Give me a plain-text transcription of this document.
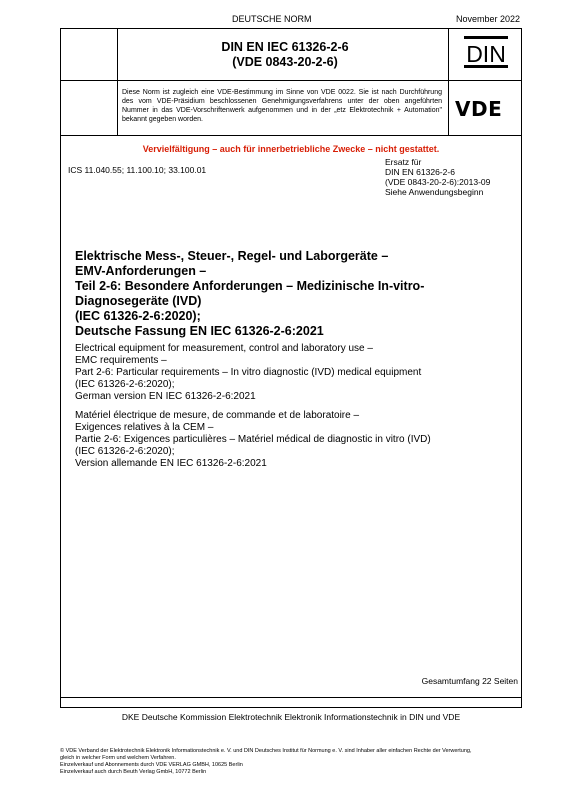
DEUTSCHE NORM	November 2022
DIN EN IEC 61326-2-6
(VDE 0843-20-2-6)	DIN
Diese Norm ist zugleich eine VDE-Bestimmung im Sinne von VDE 0022. Sie ist nach Durchführung des vom VDE-Präsidium beschlossenen Genehmigungsverfahrens unter der oben angeführten Nummer in das VDE-Vorschriftenwerk aufgenommen und in der „etz Elektrotechnik + Automation" bekannt gegeben worden.	VDE
Vervielfältigung – auch für innerbetriebliche Zwecke – nicht gestattet.
ICS 11.040.55; 11.100.10; 33.100.01
Ersatz für
DIN EN 61326-2-6
(VDE 0843-20-2-6):2013-09
Siehe Anwendungsbeginn
Elektrische Mess-, Steuer-, Regel- und Laborgeräte –
EMV-Anforderungen –
Teil 2-6: Besondere Anforderungen – Medizinische In-vitro-
Diagnosegeräte (IVD)
(IEC 61326-2-6:2020);
Deutsche Fassung EN IEC 61326-2-6:2021
Electrical equipment for measurement, control and laboratory use –
EMC requirements –
Part 2-6: Particular requirements – In vitro diagnostic (IVD) medical equipment
(IEC 61326-2-6:2020);
German version EN IEC 61326-2-6:2021
Matériel électrique de mesure, de commande et de laboratoire –
Exigences relatives à la CEM –
Partie 2-6: Exigences particulières – Matériel médical de diagnostic in vitro (IVD)
(IEC 61326-2-6:2020);
Version allemande EN IEC 61326-2-6:2021
Gesamtumfang 22 Seiten
DKE Deutsche Kommission Elektrotechnik Elektronik Informationstechnik in DIN und VDE
© VDE Verband der Elektrotechnik Elektronik Informationstechnik e. V. und DIN Deutsches Institut für Normung e. V. sind Inhaber aller einfachen Rechte der Verwertung,
gleich in welcher Form und welchem Verfahren.
Einzelverkauf und Abonnements durch VDE VERLAG GMBH, 10625 Berlin
Einzelverkauf auch durch Beuth Verlag GmbH, 10772 Berlin
